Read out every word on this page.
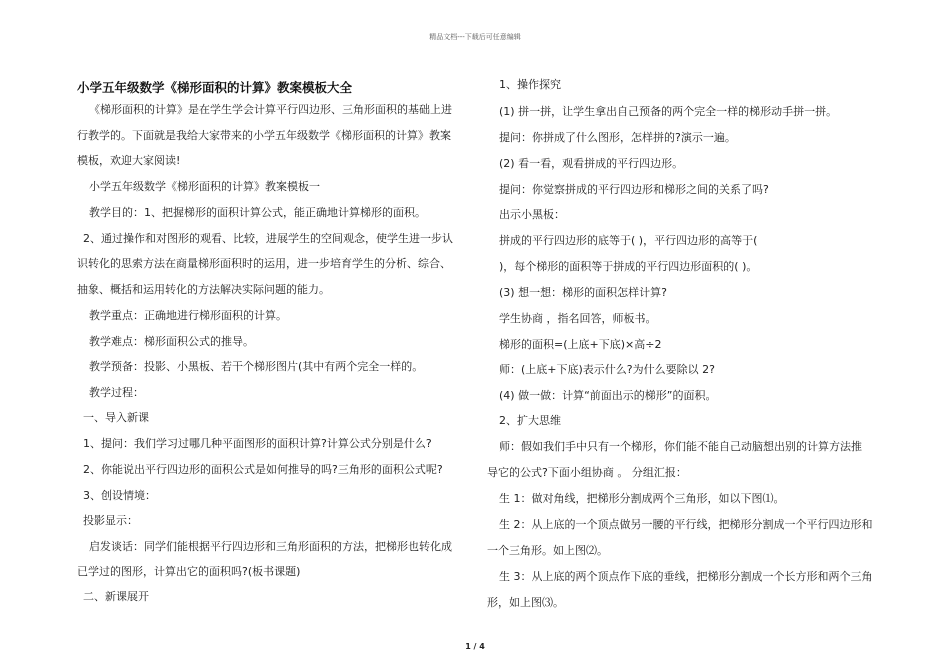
精品文档---下载后可任意编辑
小学五年级数学《梯形面积的计算》教案模板大全
《梯形面积的计算》是在学生学会计算平行四边形、三角形面积的基础上进
行教学的。下面就是我给大家带来的小学五年级数学《梯形面积的计算》教案
模板，欢迎大家阅读!
小学五年级数学《梯形面积的计算》教案模板一
教学目的：1、把握梯形的面积计算公式，能正确地计算梯形的面积。
2、通过操作和对图形的观看、比较，进展学生的空间观念，使学生进一步认
识转化的思索方法在商量梯形面积时的运用，进一步培育学生的分析、综合、
抽象、概括和运用转化的方法解决实际问题的能力。
教学重点：正确地进行梯形面积的计算。
教学难点：梯形面积公式的推导。
教学预备：投影、小黑板、若干个梯形图片(其中有两个完全一样的。
教学过程：
一、导入新课
1、提问：我们学习过哪几种平面图形的面积计算?计算公式分别是什么?
2、你能说出平行四边形的面积公式是如何推导的吗?三角形的面积公式呢?
3、创设情境：
投影显示：
启发谈话：同学们能根据平行四边形和三角形面积的方法，把梯形也转化成
已学过的图形，计算出它的面积吗?(板书课题)
二、新课展开
1、操作探究
(1) 拼一拼，让学生拿出自己预备的两个完全一样的梯形动手拼一拼。
提问：你拼成了什么图形，怎样拼的?演示一遍。
(2) 看一看，观看拼成的平行四边形。
提问：你觉察拼成的平行四边形和梯形之间的关系了吗?
出示小黑板：
拼成的平行四边形的底等于( )，平行四边形的高等于(
)，每个梯形的面积等于拼成的平行四边形面积的( )。
(3) 想一想：梯形的面积怎样计算?
学生协商 ，指名回答，师板书。
梯形的面积=(上底+下底)×高÷2
师：(上底+下底)表示什么?为什么要除以 2?
(4) 做一做：计算“前面出示的梯形”的面积。
2、扩大思维
师：假如我们手中只有一个梯形，你们能不能自己动脑想出别的计算方法推
导它的公式?下面小组协商 。 分组汇报：
生 1：做对角线，把梯形分割成两个三角形，如以下图⑴。
生 2：从上底的一个顶点做另一腰的平行线，把梯形分割成一个平行四边形和
一个三角形。如上图⑵。
生 3：从上底的两个顶点作下底的垂线，把梯形分割成一个长方形和两个三角
形，如上图⑶。
1 / 4
